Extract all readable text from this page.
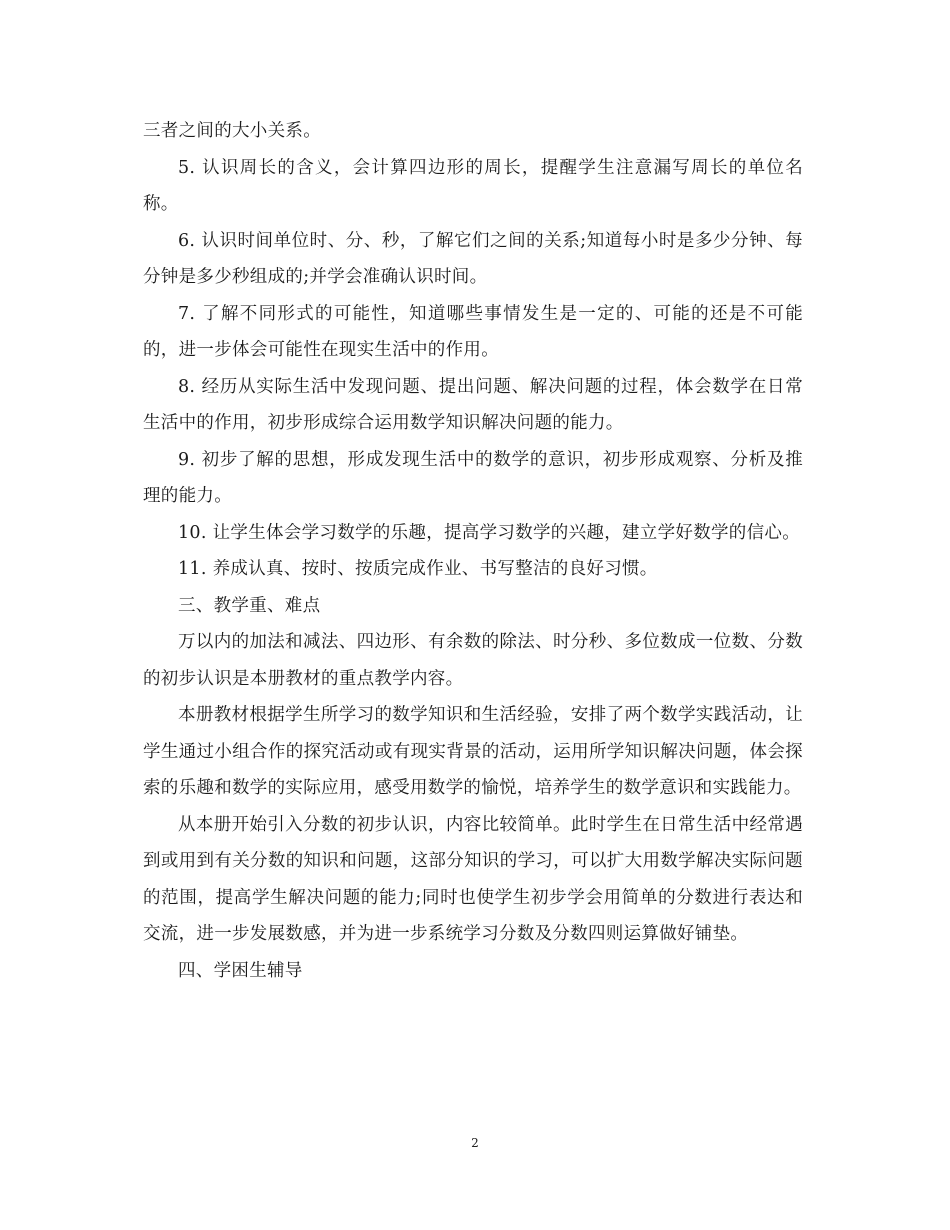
三者之间的大小关系。

5. 认识周长的含义，会计算四边形的周长，提醒学生注意漏写周长的单位名称。

6. 认识时间单位时、分、秒，了解它们之间的关系;知道每小时是多少分钟、每分钟是多少秒组成的;并学会准确认识时间。

7. 了解不同形式的可能性，知道哪些事情发生是一定的、可能的还是不可能的，进一步体会可能性在现实生活中的作用。

8. 经历从实际生活中发现问题、提出问题、解决问题的过程，体会数学在日常生活中的作用，初步形成综合运用数学知识解决问题的能力。

9. 初步了解的思想，形成发现生活中的数学的意识，初步形成观察、分析及推理的能力。

10. 让学生体会学习数学的乐趣，提高学习数学的兴趣，建立学好数学的信心。

11. 养成认真、按时、按质完成作业、书写整洁的良好习惯。

三、教学重、难点

万以内的加法和减法、四边形、有余数的除法、时分秒、多位数成一位数、分数的初步认识是本册教材的重点教学内容。

本册教材根据学生所学习的数学知识和生活经验，安排了两个数学实践活动，让学生通过小组合作的探究活动或有现实背景的活动，运用所学知识解决问题，体会探索的乐趣和数学的实际应用，感受用数学的愉悦，培养学生的数学意识和实践能力。

从本册开始引入分数的初步认识，内容比较简单。此时学生在日常生活中经常遇到或用到有关分数的知识和问题，这部分知识的学习，可以扩大用数学解决实际问题的范围，提高学生解决问题的能力;同时也使学生初步学会用简单的分数进行表达和交流，进一步发展数感，并为进一步系统学习分数及分数四则运算做好铺垫。

四、学困生辅导

2
